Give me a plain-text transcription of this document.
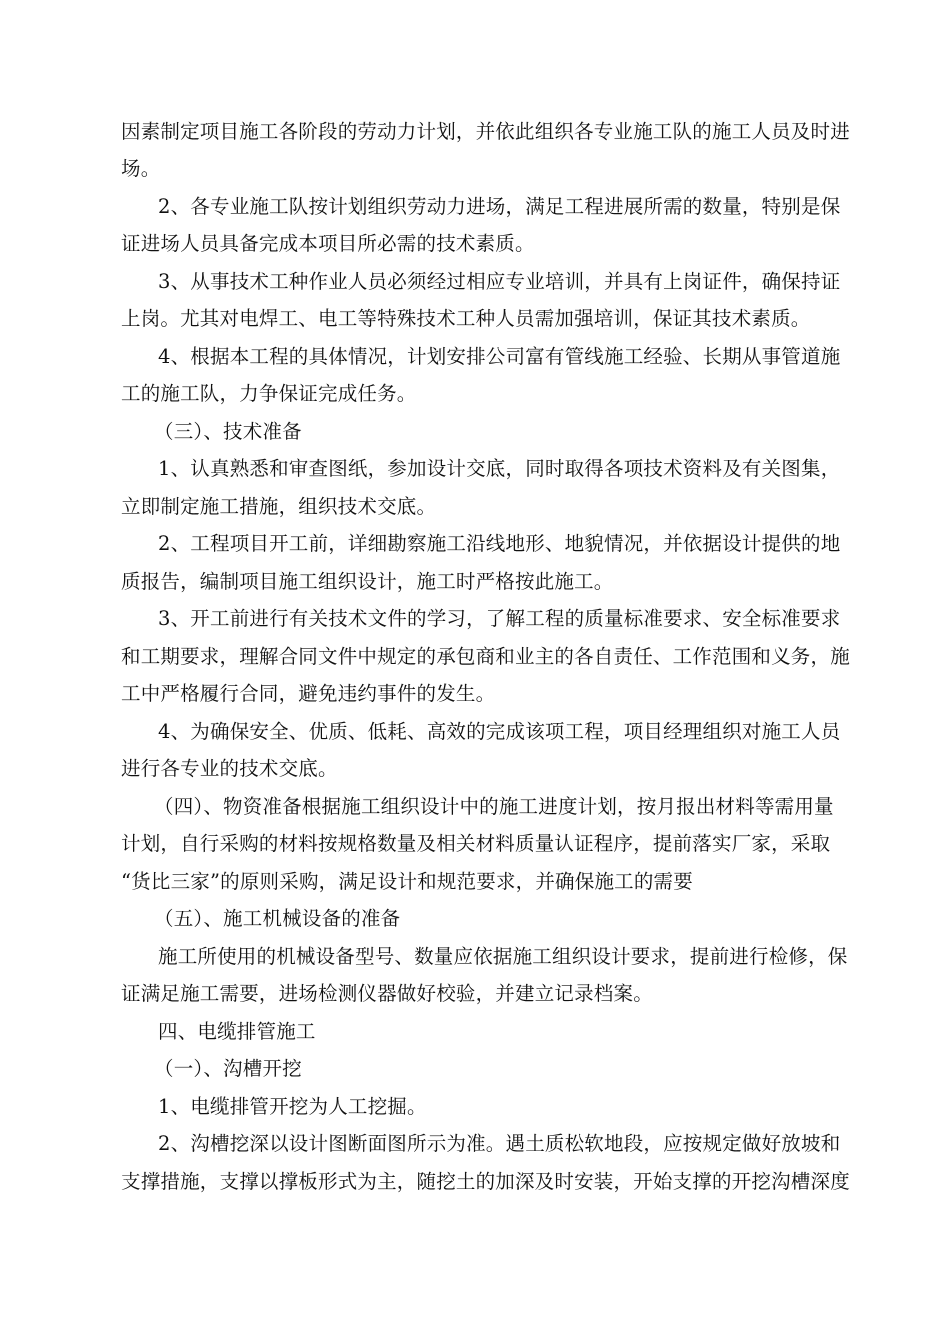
因素制定项目施工各阶段的劳动力计划，并依此组织各专业施工队的施工人员及时进
场。
2、各专业施工队按计划组织劳动力进场，满足工程进展所需的数量，特别是保
证进场人员具备完成本项目所必需的技术素质。
3、从事技术工种作业人员必须经过相应专业培训，并具有上岗证件，确保持证
上岗。尤其对电焊工、电工等特殊技术工种人员需加强培训，保证其技术素质。
4、根据本工程的具体情况，计划安排公司富有管线施工经验、长期从事管道施
工的施工队，力争保证完成任务。
（三）、技术准备
1、认真熟悉和审查图纸，参加设计交底，同时取得各项技术资料及有关图集，
立即制定施工措施，组织技术交底。
2、工程项目开工前，详细勘察施工沿线地形、地貌情况，并依据设计提供的地
质报告，编制项目施工组织设计，施工时严格按此施工。
3、开工前进行有关技术文件的学习，了解工程的质量标准要求、安全标准要求
和工期要求，理解合同文件中规定的承包商和业主的各自责任、工作范围和义务，施
工中严格履行合同，避免违约事件的发生。
4、为确保安全、优质、低耗、高效的完成该项工程，项目经理组织对施工人员
进行各专业的技术交底。
（四）、物资准备根据施工组织设计中的施工进度计划，按月报出材料等需用量
计划，自行采购的材料按规格数量及相关材料质量认证程序，提前落实厂家，采取
“货比三家”的原则采购，满足设计和规范要求，并确保施工的需要
（五）、施工机械设备的准备
施工所使用的机械设备型号、数量应依据施工组织设计要求，提前进行检修，保
证满足施工需要，进场检测仪器做好校验，并建立记录档案。
四、电缆排管施工
（一）、沟槽开挖
1、电缆排管开挖为人工挖掘。
2、沟槽挖深以设计图断面图所示为准。遇土质松软地段，应按规定做好放坡和
支撑措施，支撑以撑板形式为主，随挖土的加深及时安装，开始支撑的开挖沟槽深度
